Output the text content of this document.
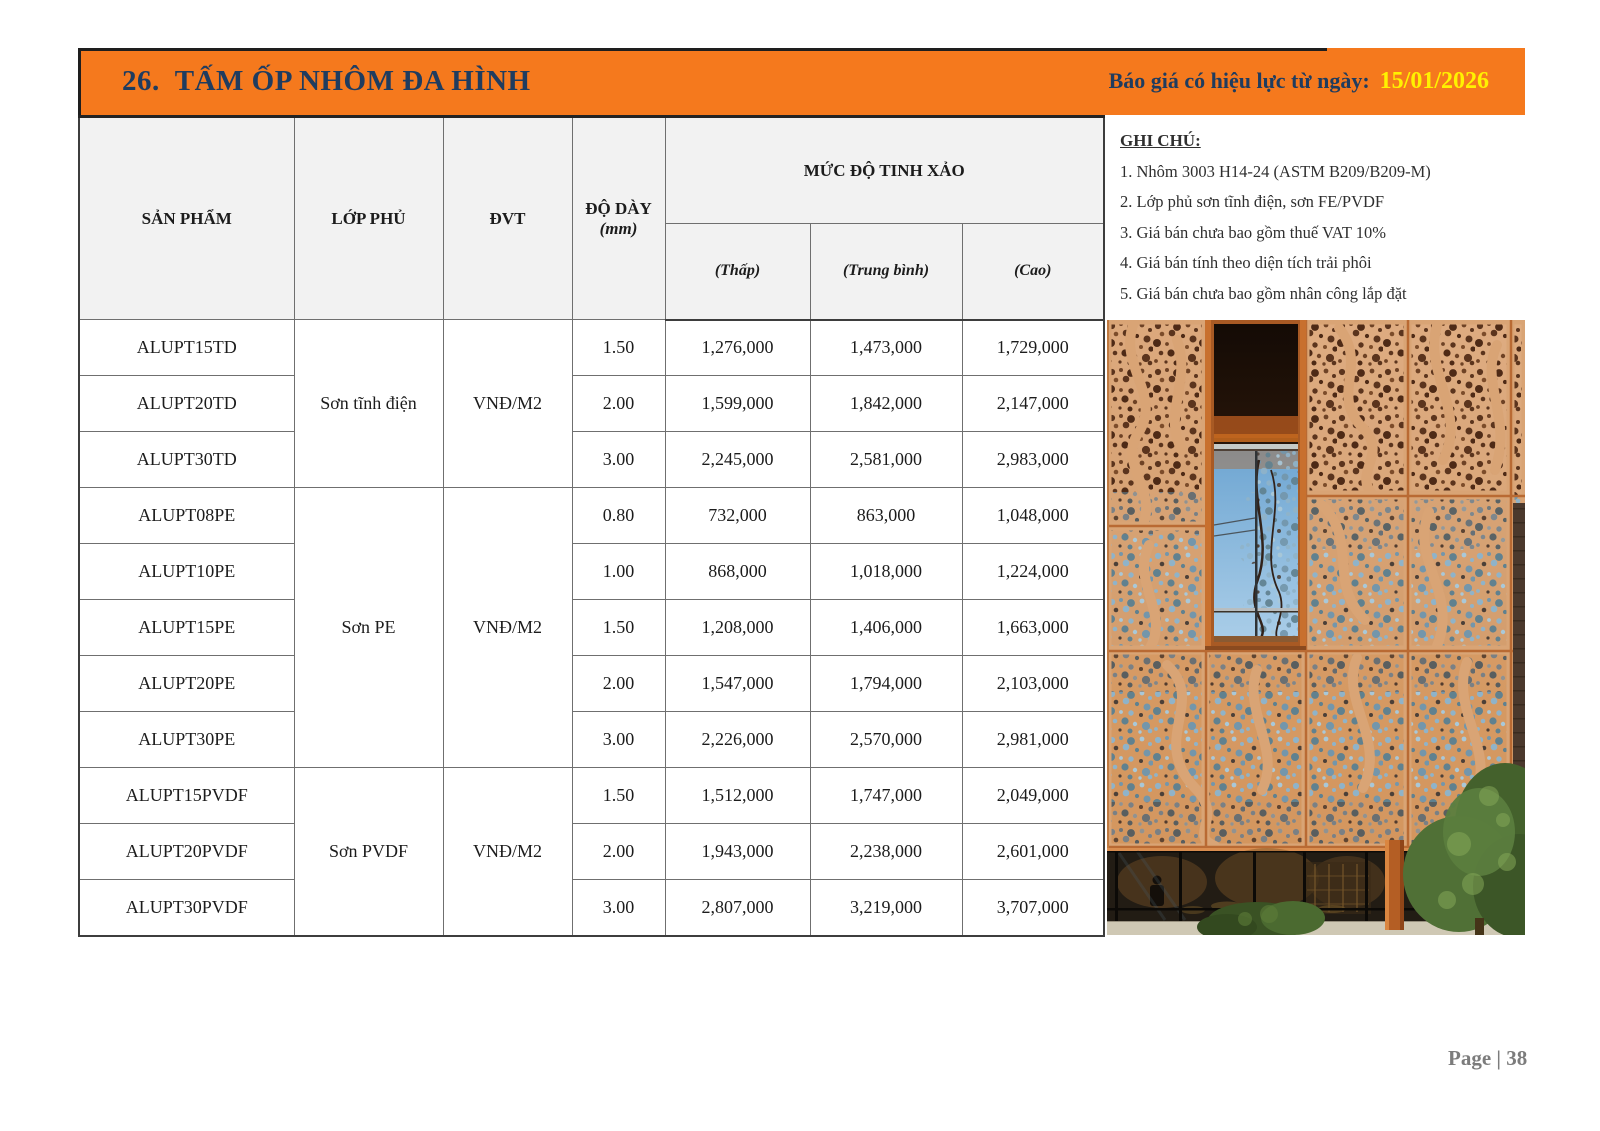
26.  TẤM ỐP NHÔM ĐA HÌNH	Báo giá có hiệu lực từ ngày: 15/01/2026
SẢN PHẨM	LỚP PHỦ	ĐVT	ĐỘ DÀY
(mm)	MỨC ĐỘ TINH XẢO		
				(Thấp)	(Trung bình)	(Cao)
ALUPT15TD	Sơn tĩnh điện	VNĐ/M2	1.50	1,276,000	1,473,000	1,729,000
ALUPT20TD			2.00	1,599,000	1,842,000	2,147,000
ALUPT30TD			3.00	2,245,000	2,581,000	2,983,000
ALUPT08PE	Sơn PE	VNĐ/M2	0.80	732,000	863,000	1,048,000
ALUPT10PE			1.00	868,000	1,018,000	1,224,000
ALUPT15PE			1.50	1,208,000	1,406,000	1,663,000
ALUPT20PE			2.00	1,547,000	1,794,000	2,103,000
ALUPT30PE			3.00	2,226,000	2,570,000	2,981,000
ALUPT15PVDF	Sơn PVDF	VNĐ/M2	1.50	1,512,000	1,747,000	2,049,000
ALUPT20PVDF			2.00	1,943,000	2,238,000	2,601,000
ALUPT30PVDF			3.00	2,807,000	3,219,000	3,707,000
GHI CHÚ:
1. Nhôm 3003 H14-24 (ASTM B209/B209-M)
2. Lớp phủ sơn tĩnh điện, sơn FE/PVDF
3. Giá bán chưa bao gồm thuế VAT 10%
4. Giá bán tính theo diện tích trải phôi
5. Giá bán chưa bao gồm nhân công lắp đặt
Page | 38
